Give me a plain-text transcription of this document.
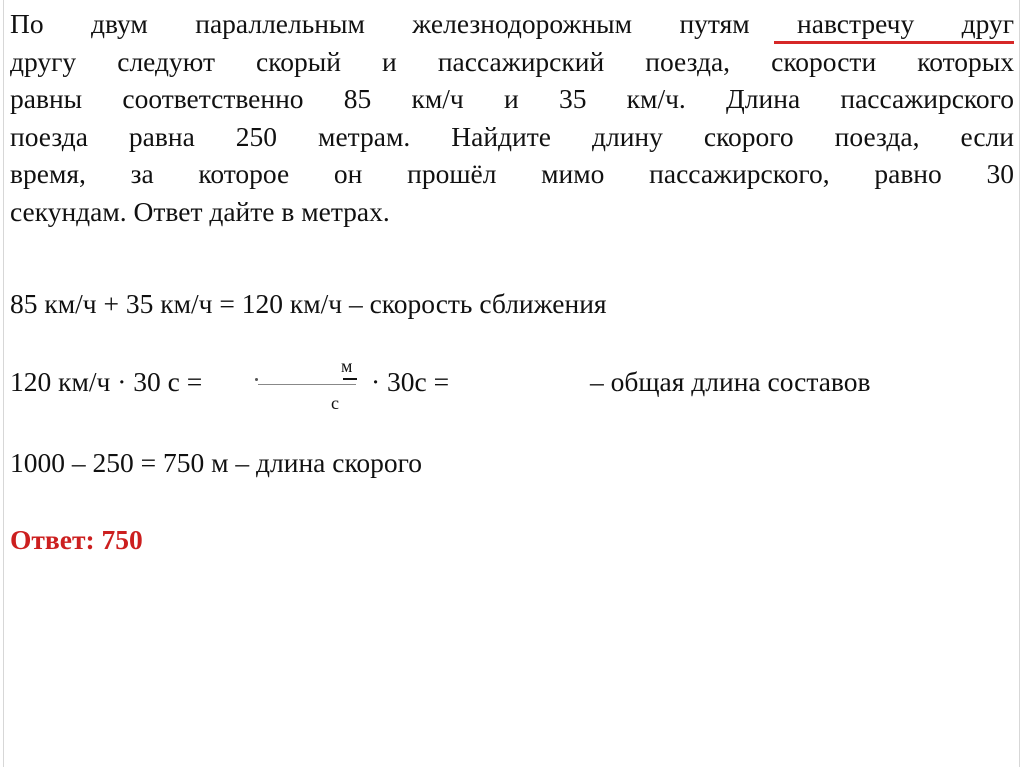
По двум параллельным железнодорожным путям навстречу друг
другу следуют скорый и пассажирский поезда, скорости которых
равны соответственно 85 км/ч и 35 км/ч. Длина пассажирского
поезда равна 250 метрам. Найдите длину скорого поезда, если
время, за которое он прошёл мимо пассажирского, равно 30
секундам. Ответ дайте в метрах.
85 км/ч + 35 км/ч = 120 км/ч – скорость сближения
120 км/ч · 30 с =	м
с
· 30с =	– общая длина составов
1000 – 250 = 750 м – длина скорого
Ответ: 750
